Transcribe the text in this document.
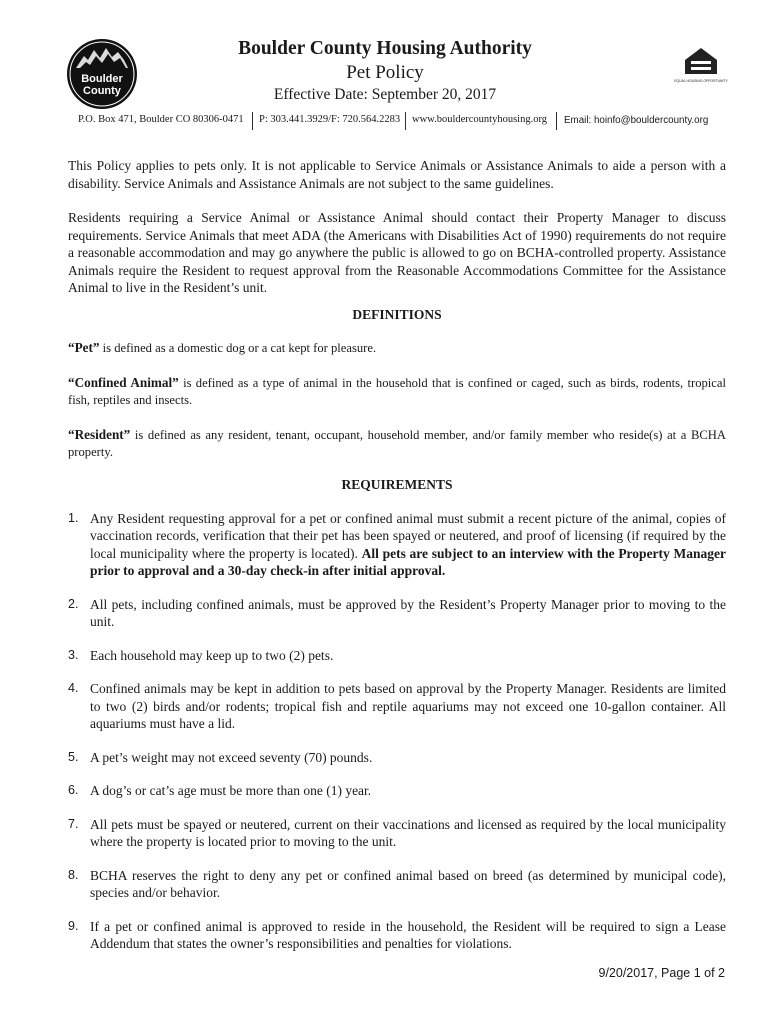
Boulder
County
EQUAL HOUSING OPPORTUNITY
Boulder County Housing Authority
Pet Policy
Effective Date: September 20, 2017
P.O. Box 471, Boulder CO 80306-0471 P: 303.441.3929/F: 720.564.2283 www.bouldercountyhousing.org Email: hoinfo@bouldercounty.org

This Policy applies to pets only. It is not applicable to Service Animals or Assistance Animals to aide a person with a disability. Service Animals and Assistance Animals are not subject to the same guidelines.

Residents requiring a Service Animal or Assistance Animal should contact their Property Manager to discuss requirements. Service Animals that meet ADA (the Americans with Disabilities Act of 1990) requirements do not require a reasonable accommodation and may go anywhere the public is allowed to go on BCHA-controlled property. Assistance Animals require the Resident to request approval from the Reasonable Accommodations Committee for the Assistance Animal to live in the Resident’s unit.

DEFINITIONS

“Pet” is defined as a domestic dog or a cat kept for pleasure.

“Confined Animal” is defined as a type of animal in the household that is confined or caged, such as birds, rodents, tropical fish, reptiles and insects.

“Resident” is defined as any resident, tenant, occupant, household member, and/or family member who reside(s) at a BCHA property.

REQUIREMENTS

1. Any Resident requesting approval for a pet or confined animal must submit a recent picture of the animal, copies of vaccination records, verification that their pet has been spayed or neutered, and proof of licensing (if required by the local municipality where the property is located). All pets are subject to an interview with the Property Manager prior to approval and a 30-day check-in after initial approval.
2. All pets, including confined animals, must be approved by the Resident’s Property Manager prior to moving to the unit.
3. Each household may keep up to two (2) pets.
4. Confined animals may be kept in addition to pets based on approval by the Property Manager. Residents are limited to two (2) birds and/or rodents; tropical fish and reptile aquariums may not exceed one 10-gallon container. All aquariums must have a lid.
5. A pet’s weight may not exceed seventy (70) pounds.
6. A dog’s or cat’s age must be more than one (1) year.
7. All pets must be spayed or neutered, current on their vaccinations and licensed as required by the local municipality where the property is located prior to moving to the unit.
8. BCHA reserves the right to deny any pet or confined animal based on breed (as determined by municipal code), species and/or behavior.
9. If a pet or confined animal is approved to reside in the household, the Resident will be required to sign a Lease Addendum that states the owner’s responsibilities and penalties for violations.
9/20/2017, Page 1 of 2
